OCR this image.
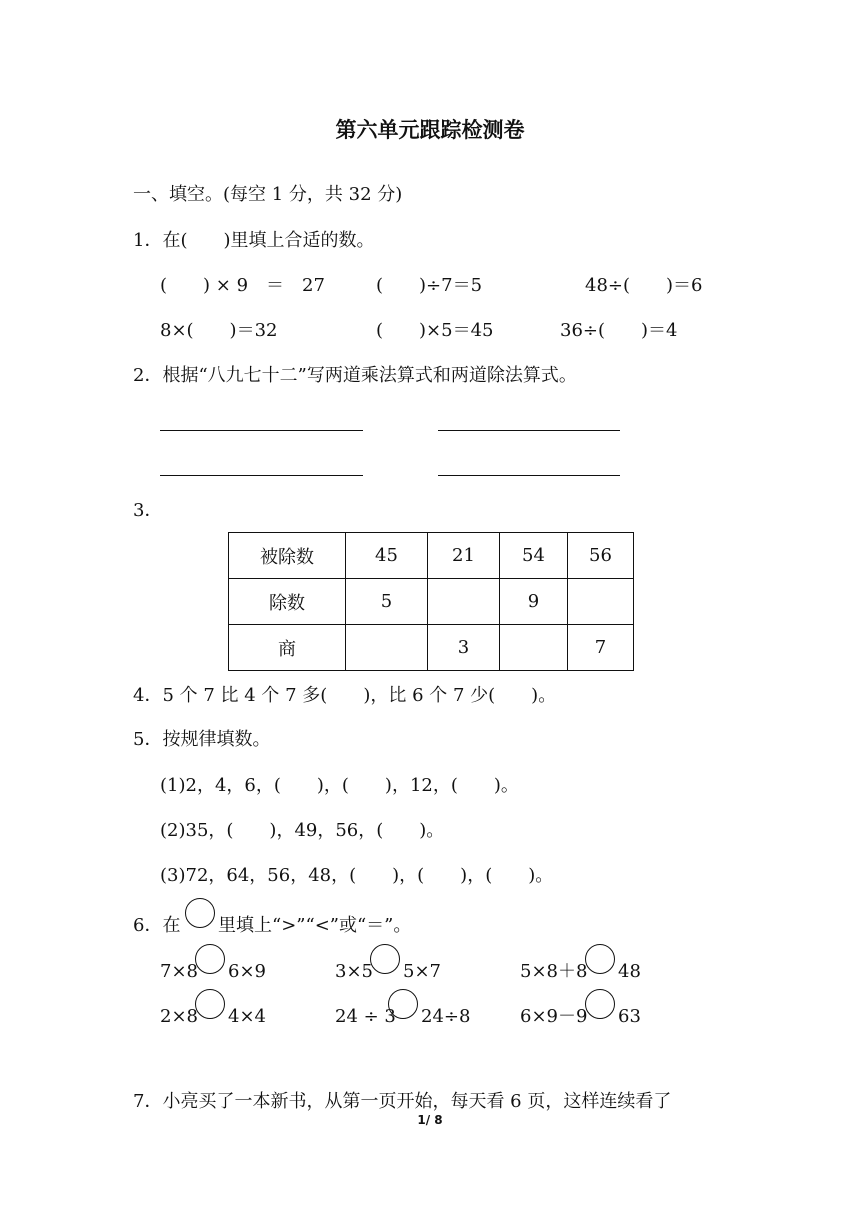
第六单元跟踪检测卷
一、填空。(每空 1 分，共 32 分)
1．在(　　)里填上合适的数。
(　　) × 9　＝　27	(　　)÷7＝5	48÷(　　)＝6
8×(　　)＝32	(　　)×5＝45	36÷(　　)＝4
2．根据“八九七十二”写两道乘法算式和两道除法算式。
3．
被除数	45	21	54	56
除数	5		9	
商		3		7
4．5 个 7 比 4 个 7 多(　　)，比 6 个 7 少(　　)。
5．按规律填数。
(1)2，4，6，(　　)，(　　)，12，(　　)。
(2)35，(　　)，49，56，(　　)。
(3)72，64，56，48，(　　)，(　　)，(　　)。
6．在 里填上“>”“<”或“＝”。
7×8 6×9	3×5 5×7	5×8＋8 48
2×8 4×4	24 ÷ 3 24÷8	6×9－9 63
7．小亮买了一本新书，从第一页开始，每天看 6 页，这样连续看了
1/ 8
